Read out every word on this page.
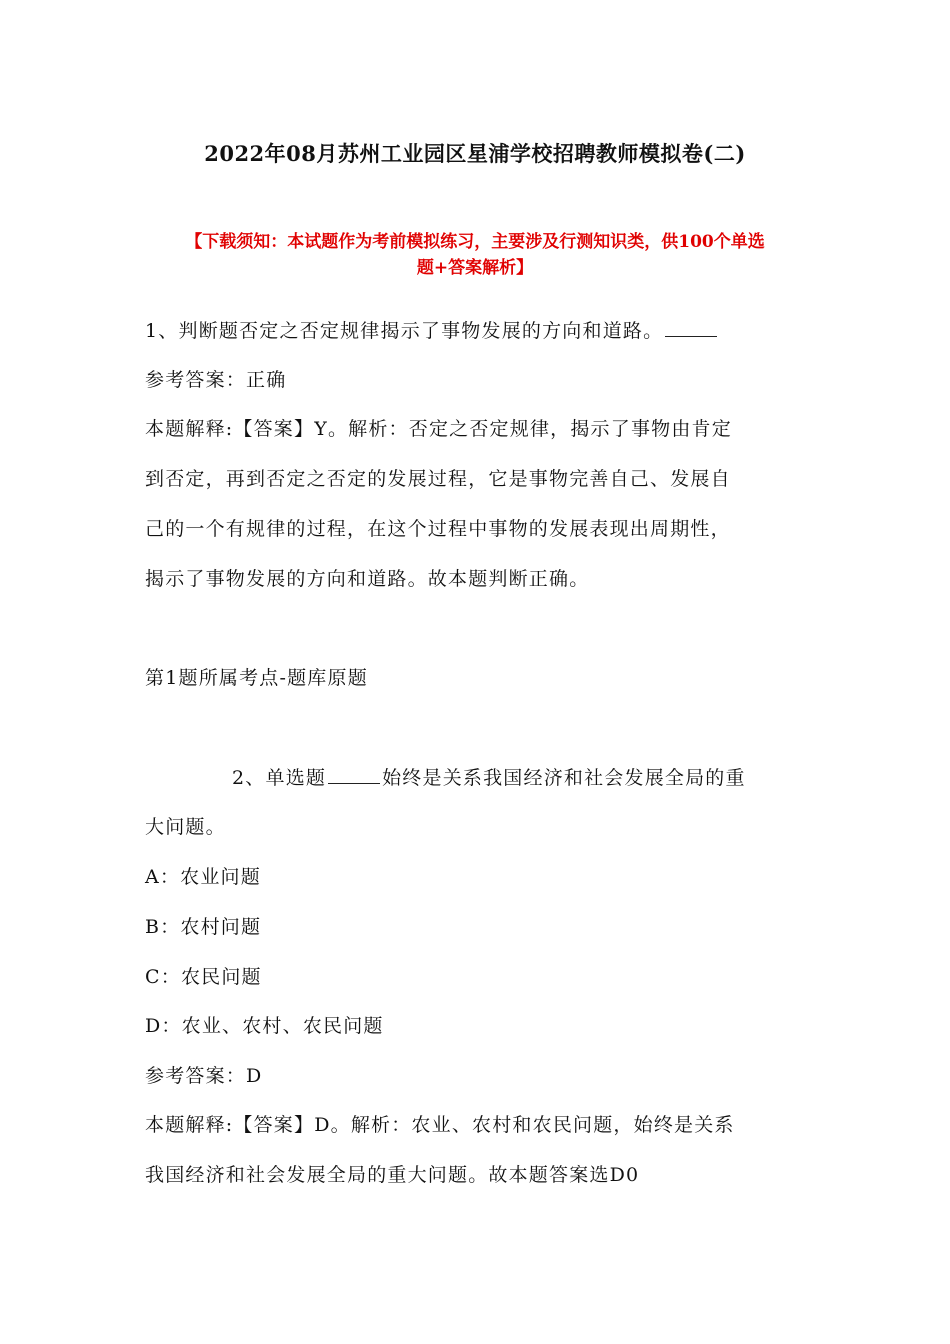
2022年08月苏州工业园区星浦学校招聘教师模拟卷(二)
【下载须知：本试题作为考前模拟练习，主要涉及行测知识类，供100个单选
题+答案解析】
1、判断题否定之否定规律揭示了事物发展的方向和道路。
参考答案：正确
本题解释:【答案】Y。解析：否定之否定规律，揭示了事物由肯定
到否定，再到否定之否定的发展过程，它是事物完善自己、发展自
己的一个有规律的过程，在这个过程中事物的发展表现出周期性，
揭示了事物发展的方向和道路。故本题判断正确。
第1题所属考点-题库原题
2、单选题	始终是关系我国经济和社会发展全局的重
大问题。
A：农业问题
B：农村问题
C：农民问题
D：农业、农村、农民问题
参考答案：D
本题解释:【答案】D。解析：农业、农村和农民问题，始终是关系
我国经济和社会发展全局的重大问题。故本题答案选D0
